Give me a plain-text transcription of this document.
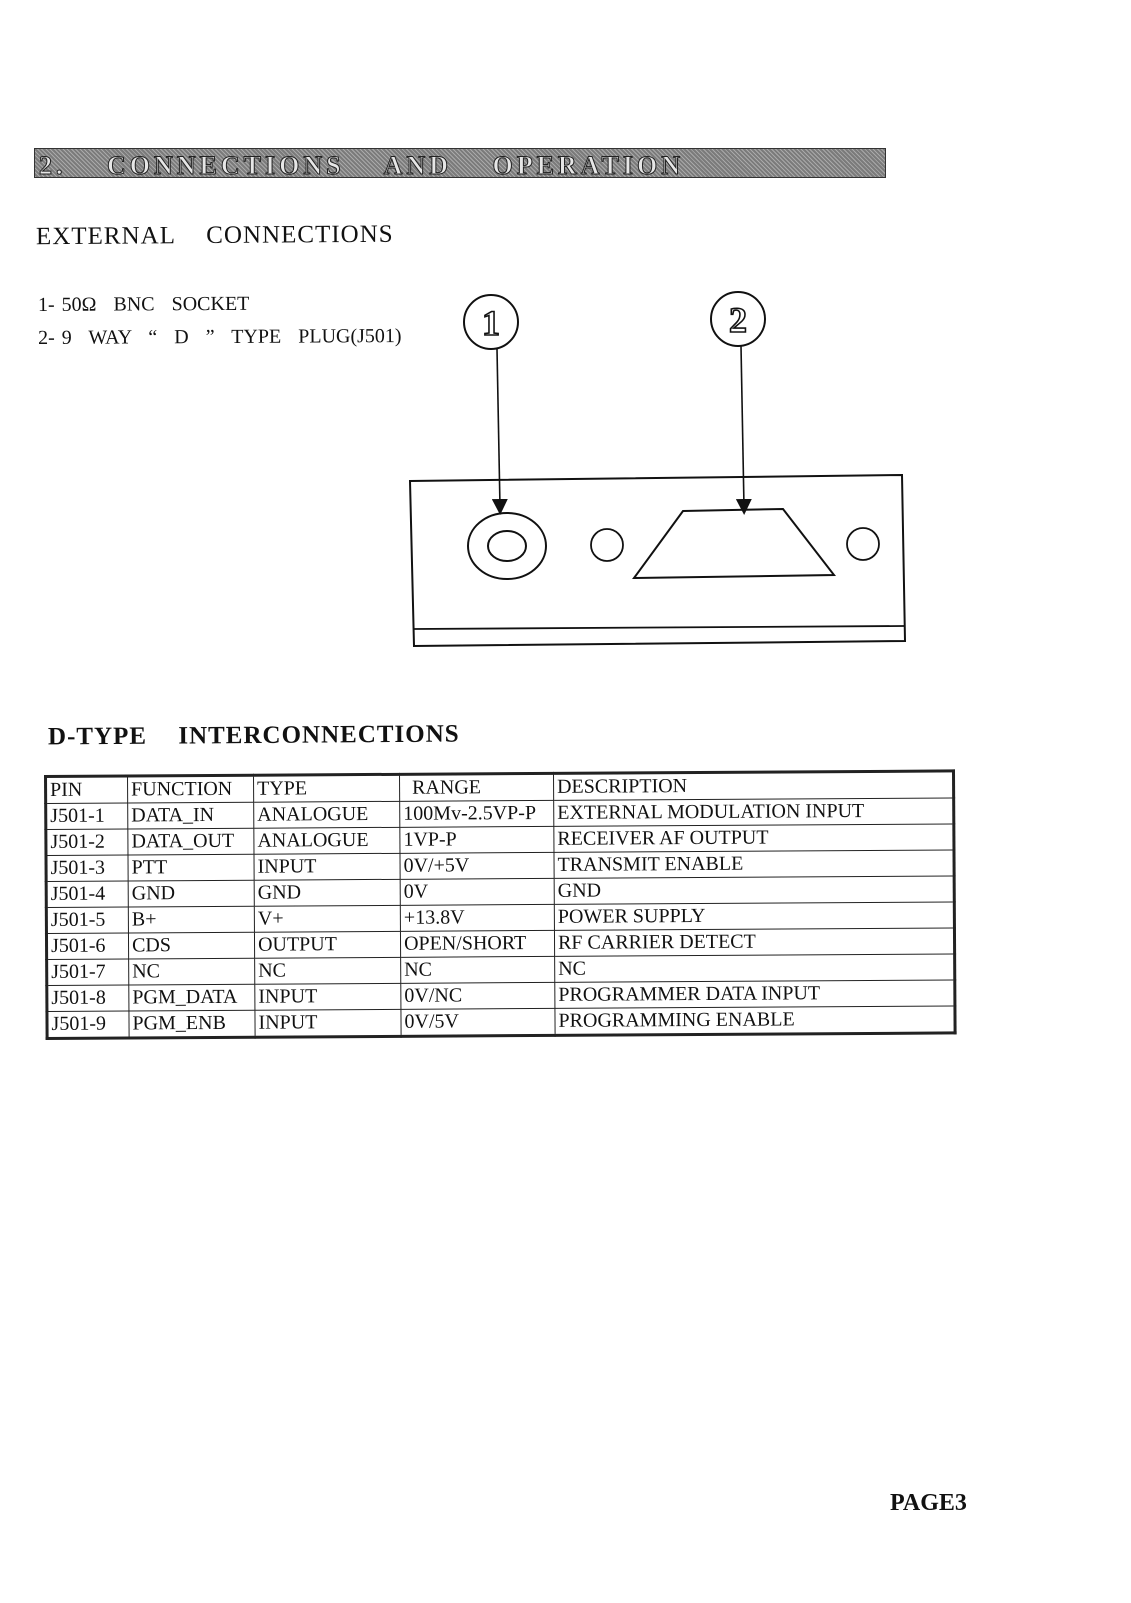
2. CONNECTIONS AND OPERATION
EXTERNAL CONNECTIONS
1- 50Ω BNC SOCKET
2- 9 WAY “ D ” TYPE PLUG(J501) 1	2
D-TYPE INTERCONNECTIONS
PIN	FUNCTION	TYPE	RANGE	DESCRIPTION
J501-1	DATA_IN	ANALOGUE	100Mv-2.5VP-P	EXTERNAL MODULATION INPUT
J501-2	DATA_OUT	ANALOGUE	1VP-P	RECEIVER AF OUTPUT
J501-3	PTT	INPUT	0V/+5V	TRANSMIT ENABLE
J501-4	GND	GND	0V	GND
J501-5	B+	V+	+13.8V	POWER SUPPLY
J501-6	CDS	OUTPUT	OPEN/SHORT	RF CARRIER DETECT
J501-7	NC	NC	NC	NC
J501-8	PGM_DATA	INPUT	0V/NC	PROGRAMMER DATA INPUT
J501-9	PGM_ENB	INPUT	0V/5V	PROGRAMMING ENABLE

PAGE3
